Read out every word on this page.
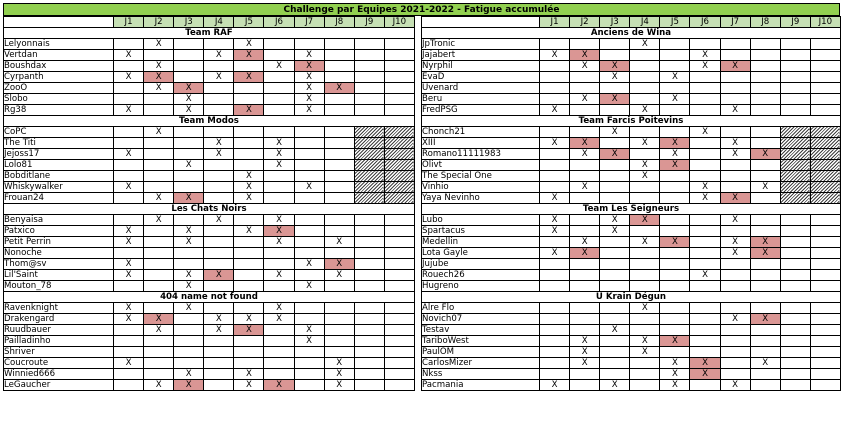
Challenge par Equipes 2021-2022 - Fatigue accumulée
	J1	J2	J3	J4	J5	J6	J7	J8	J9	J10
Team RAF										
Lelyonnais		X			X					
Vertdan	X			X	X		X			
Boushdax		X				X	X			
Cyrpanth	X	X		X	X		X			
ZooO		X	X				X	X		
Slobo			X				X			
Rg38	X		X		X		X			
Team Modos										
CoPC		X								
The Titi				X		X				
Jejoss17	X			X		X				
Lolo81			X			X				
Bobditlane					X					
Whiskywalker	X				X		X			
Frouan24		X	X		X					
Les Chats Noirs										
Benyaisa		X		X		X				
Patxico	X		X		X	X				
Petit Perrin	X		X			X		X		
Nonoche										
Thom@sv	X						X	X		
Lil'Saint	X		X	X		X		X		
Mouton_78			X				X			
404 name not found										
Ravenknight	X		X			X				
Drakengard	X	X		X	X	X				
Ruudbauer		X		X	X		X			
Pailladinho							X			
Shriver										
Coucroute	X							X		
Winnied666			X		X			X		
LeGaucher		X	X		X	X		X		
	J1	J2	J3	J4	J5	J6	J7	J8	J9	J10
Anciens de Wina										
JpTronic				X						
Jajabert	X	X				X				
Nyrphil		X	X			X	X			
EvaD			X		X					
Uvenard										
Beru		X	X		X					
FredPSG	X			X			X			
Team Farcis Poitevins										
Chonch21			X			X				
XIII	X	X		X	X		X			
Romano11111983		X	X		X		X	X		
Olivt				X	X					
The Special One				X						
Vinhio		X				X		X		
Yaya Nevinho	X					X	X			
Team Les Seigneurs										
Lubo	X		X	X			X			
Spartacus	X		X							
Medellin		X		X	X		X	X		
Lota Gayle	X	X					X	X		
Jujube										
Rouech26						X				
Hugreno										
U Krain Dégun										
Alre Flo				X						
Novich07							X	X		
Testav			X							
TariboWest		X		X	X					
PaulOM		X		X						
CarlosMizer		X			X	X		X		
Nkss					X	X				
Pacmania	X		X		X		X			
